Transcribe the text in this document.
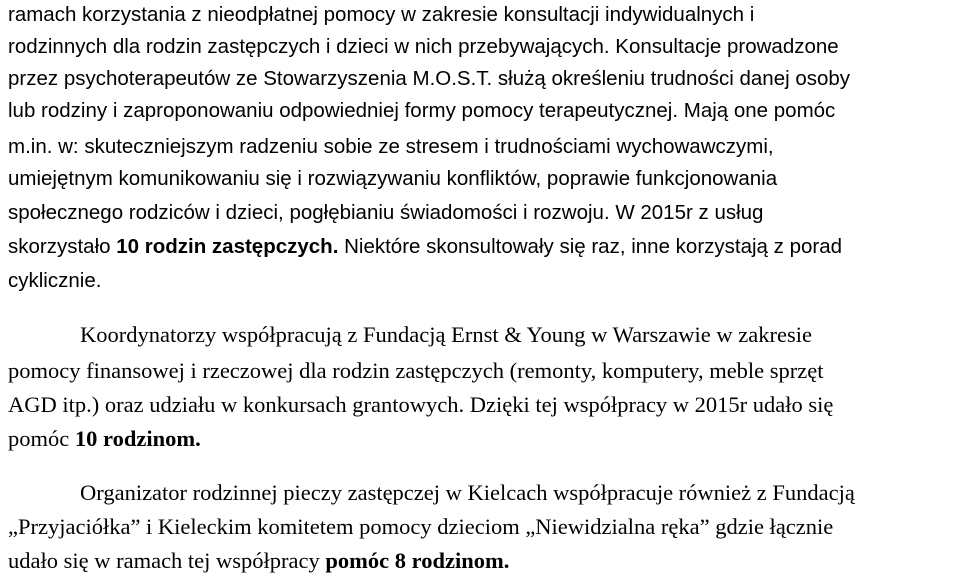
ramach korzystania z nieodpłatnej pomocy w zakresie konsultacji indywidualnych i
rodzinnych dla rodzin zastępczych i dzieci w nich przebywających. Konsultacje prowadzone
przez psychoterapeutów ze Stowarzyszenia M.O.S.T. służą określeniu trudności danej osoby
lub rodziny i zaproponowaniu odpowiedniej formy pomocy terapeutycznej. Mają one pomóc
m.in. w: skuteczniejszym radzeniu sobie ze stresem i trudnościami wychowawczymi,
umiejętnym komunikowaniu się i rozwiązywaniu konfliktów, poprawie funkcjonowania
społecznego rodziców i dzieci, pogłębianiu świadomości i rozwoju. W 2015r z usług
skorzystało 10 rodzin zastępczych. Niektóre skonsultowały się raz, inne korzystają z porad
cyklicznie.
Koordynatorzy współpracują z Fundacją Ernst & Young w Warszawie w zakresie
pomocy finansowej i rzeczowej dla rodzin zastępczych (remonty, komputery, meble sprzęt
AGD itp.) oraz udziału w konkursach grantowych. Dzięki tej współpracy w 2015r udało się
pomóc 10 rodzinom.
Organizator rodzinnej pieczy zastępczej w Kielcach współpracuje również z Fundacją
„Przyjaciółka” i Kieleckim komitetem pomocy dzieciom „Niewidzialna ręka” gdzie łącznie
udało się w ramach tej współpracy pomóc 8 rodzinom.
